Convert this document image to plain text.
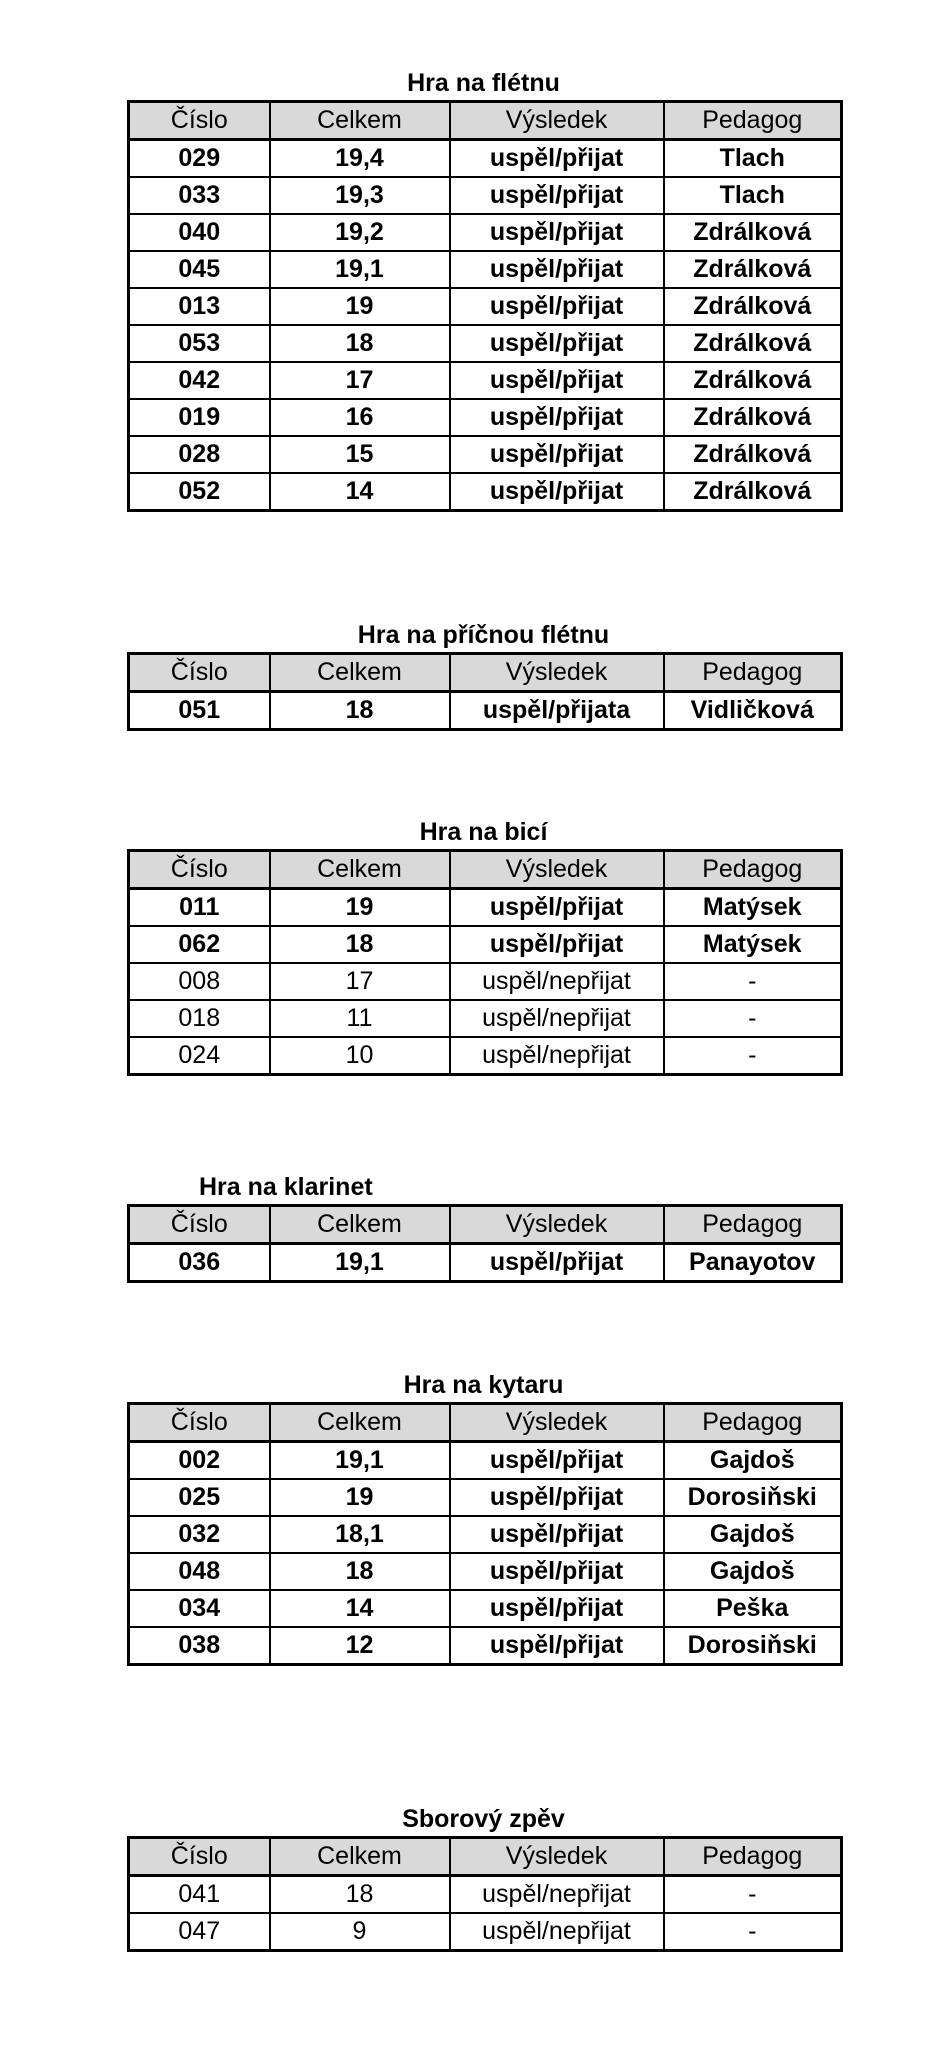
Hra na flétnu
Číslo	Celkem	Výsledek	Pedagog
029	19,4	uspěl/přijat	Tlach
033	19,3	uspěl/přijat	Tlach
040	19,2	uspěl/přijat	Zdrálková
045	19,1	uspěl/přijat	Zdrálková
013	19	uspěl/přijat	Zdrálková
053	18	uspěl/přijat	Zdrálková
042	17	uspěl/přijat	Zdrálková
019	16	uspěl/přijat	Zdrálková
028	15	uspěl/přijat	Zdrálková
052	14	uspěl/přijat	Zdrálková
Hra na příčnou flétnu
Číslo	Celkem	Výsledek	Pedagog
051	18	uspěl/přijata	Vidličková
Hra na bicí
Číslo	Celkem	Výsledek	Pedagog
011	19	uspěl/přijat	Matýsek
062	18	uspěl/přijat	Matýsek
008	17	uspěl/nepřijat	-
018	11	uspěl/nepřijat	-
024	10	uspěl/nepřijat	-
Hra na klarinet
Číslo	Celkem	Výsledek	Pedagog
036	19,1	uspěl/přijat	Panayotov
Hra na kytaru
Číslo	Celkem	Výsledek	Pedagog
002	19,1	uspěl/přijat	Gajdoš
025	19	uspěl/přijat	Dorosiňski
032	18,1	uspěl/přijat	Gajdoš
048	18	uspěl/přijat	Gajdoš
034	14	uspěl/přijat	Peška
038	12	uspěl/přijat	Dorosiňski
Sborový zpěv
Číslo	Celkem	Výsledek	Pedagog
041	18	uspěl/nepřijat	-
047	9	uspěl/nepřijat	-
